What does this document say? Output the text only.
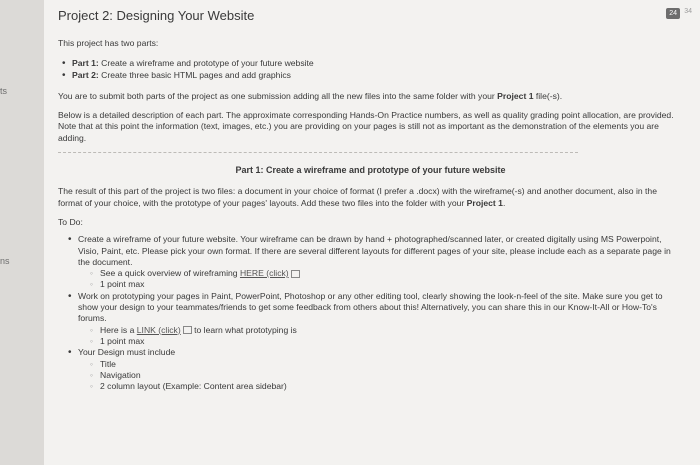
ts
ns
Project 2: Designing Your Website	24	34

This project has two parts:

• Part 1: Create a wireframe and prototype of your future website
• Part 2: Create three basic HTML pages and add graphics

You are to submit both parts of the project as one submission adding all the new files into the same folder with your Project 1 file(-s).

Below is a detailed description of each part. The approximate corresponding Hands-On Practice numbers, as well as quality grading point allocation, are provided. Note that at this point the information (text, images, etc.) you are providing on your pages is still not as important as the demonstration of the elements you are adding.

Part 1: Create a wireframe and prototype of your future website

The result of this part of the project is two files: a document in your choice of format (I prefer a .docx) with the wireframe(-s) and another document, also in the format of your choice, with the prototype of your pages' layouts. Add these two files into the folder with your Project 1.

To Do:

• Create a wireframe of your future website. Your wireframe can be drawn by hand + photographed/scanned later, or created digitally using MS Powerpoint, Visio, Paint, etc. Please pick your own format. If there are several different layouts for different pages of your site, please include each as a separate page in the document.
◦ See a quick overview of wireframing HERE (click)
◦ 1 point max
• Work on prototyping your pages in Paint, PowerPoint, Photoshop or any other editing tool, clearly showing the look-n-feel of the site. Make sure you get to show your design to your teammates/friends to get some feedback from others about this! Alternatively, you can share this in our Know-It-All or How-To's forums.
◦ Here is a LINK (click) to learn what prototyping is
◦ 1 point max
• Your Design must include
◦ Title
◦ Navigation
◦ 2 column layout (Example: Content area sidebar)
